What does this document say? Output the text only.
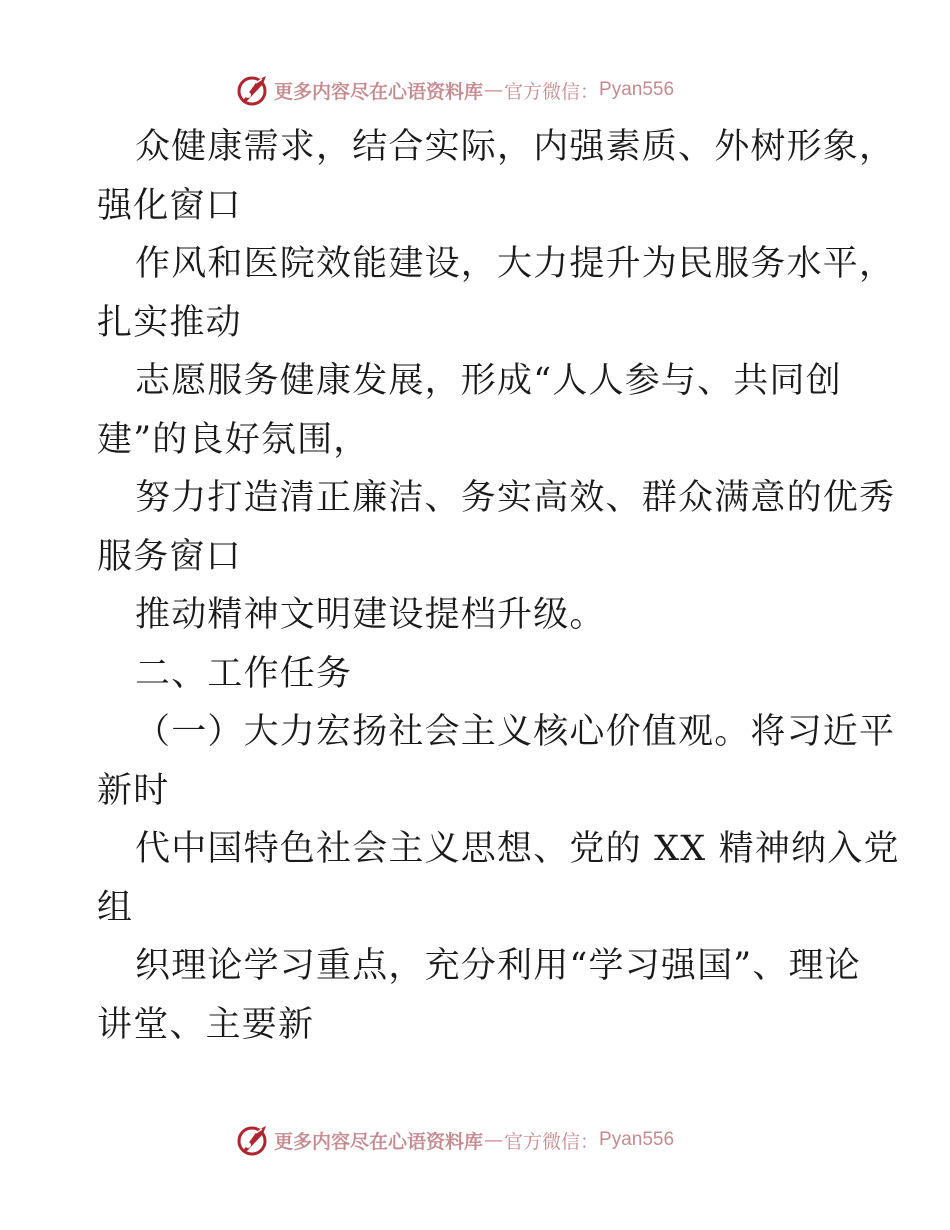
更多内容尽在心语资料库 — 官方微信： Pyan556
众健康需求，结合实际，内强素质、外树形象，
强化窗口
作风和医院效能建设，大力提升为民服务水平，
扎实推动
志愿服务健康发展，形成“人人参与、共同创
建”的良好氛围，
努力打造清正廉洁、务实高效、群众满意的优秀
服务窗口
推动精神文明建设提档升级。
二、工作任务
（一）大力宏扬社会主义核心价值观。将习近平
新时
代中国特色社会主义思想、党的 XX 精神纳入党
组
织理论学习重点，充分利用“学习强国”、理论
讲堂、主要新
更多内容尽在心语资料库 — 官方微信： Pyan556
